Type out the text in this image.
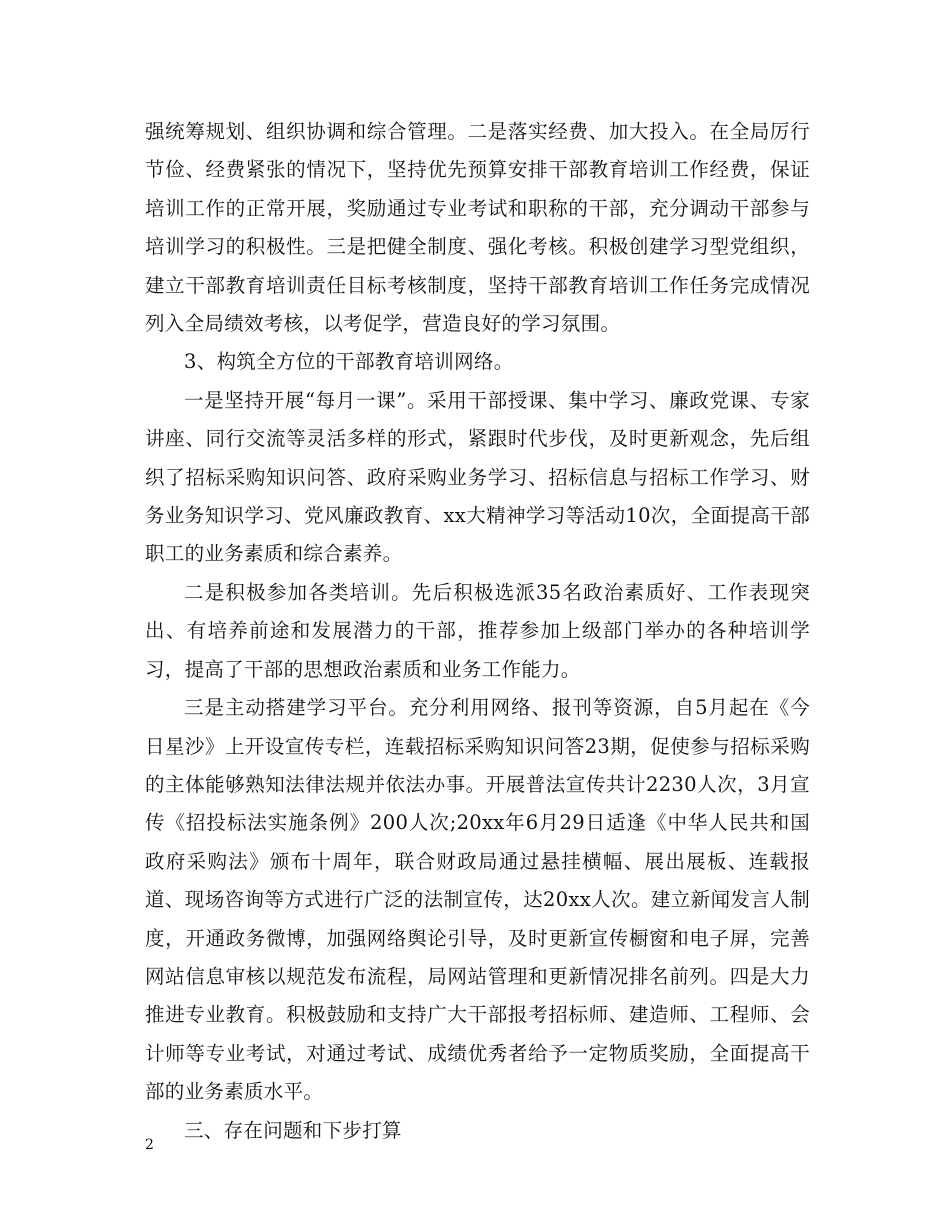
强统筹规划、组织协调和综合管理。二是落实经费、加大投入。在全局厉行节俭、经费紧张的情况下，坚持优先预算安排干部教育培训工作经费，保证培训工作的正常开展，奖励通过专业考试和职称的干部，充分调动干部参与培训学习的积极性。三是把健全制度、强化考核。积极创建学习型党组织，建立干部教育培训责任目标考核制度，坚持干部教育培训工作任务完成情况列入全局绩效考核，以考促学，营造良好的学习氛围。

3、构筑全方位的干部教育培训网络。

一是坚持开展“每月一课”。采用干部授课、集中学习、廉政党课、专家讲座、同行交流等灵活多样的形式，紧跟时代步伐，及时更新观念，先后组织了招标采购知识问答、政府采购业务学习、招标信息与招标工作学习、财务业务知识学习、党风廉政教育、xx大精神学习等活动10次，全面提高干部职工的业务素质和综合素养。

二是积极参加各类培训。先后积极选派35名政治素质好、工作表现突出、有培养前途和发展潜力的干部，推荐参加上级部门举办的各种培训学习，提高了干部的思想政治素质和业务工作能力。

三是主动搭建学习平台。充分利用网络、报刊等资源，自5月起在《今日星沙》上开设宣传专栏，连载招标采购知识问答23期，促使参与招标采购的主体能够熟知法律法规并依法办事。开展普法宣传共计2230人次，3月宣传《招投标法实施条例》200人次;20xx年6月29日适逢《中华人民共和国政府采购法》颁布十周年，联合财政局通过悬挂横幅、展出展板、连载报道、现场咨询等方式进行广泛的法制宣传，达20xx人次。建立新闻发言人制度，开通政务微博，加强网络舆论引导，及时更新宣传橱窗和电子屏，完善网站信息审核以规范发布流程，局网站管理和更新情况排名前列。四是大力推进专业教育。积极鼓励和支持广大干部报考招标师、建造师、工程师、会计师等专业考试，对通过考试、成绩优秀者给予一定物质奖励，全面提高干部的业务素质水平。

三、存在问题和下步打算

2
